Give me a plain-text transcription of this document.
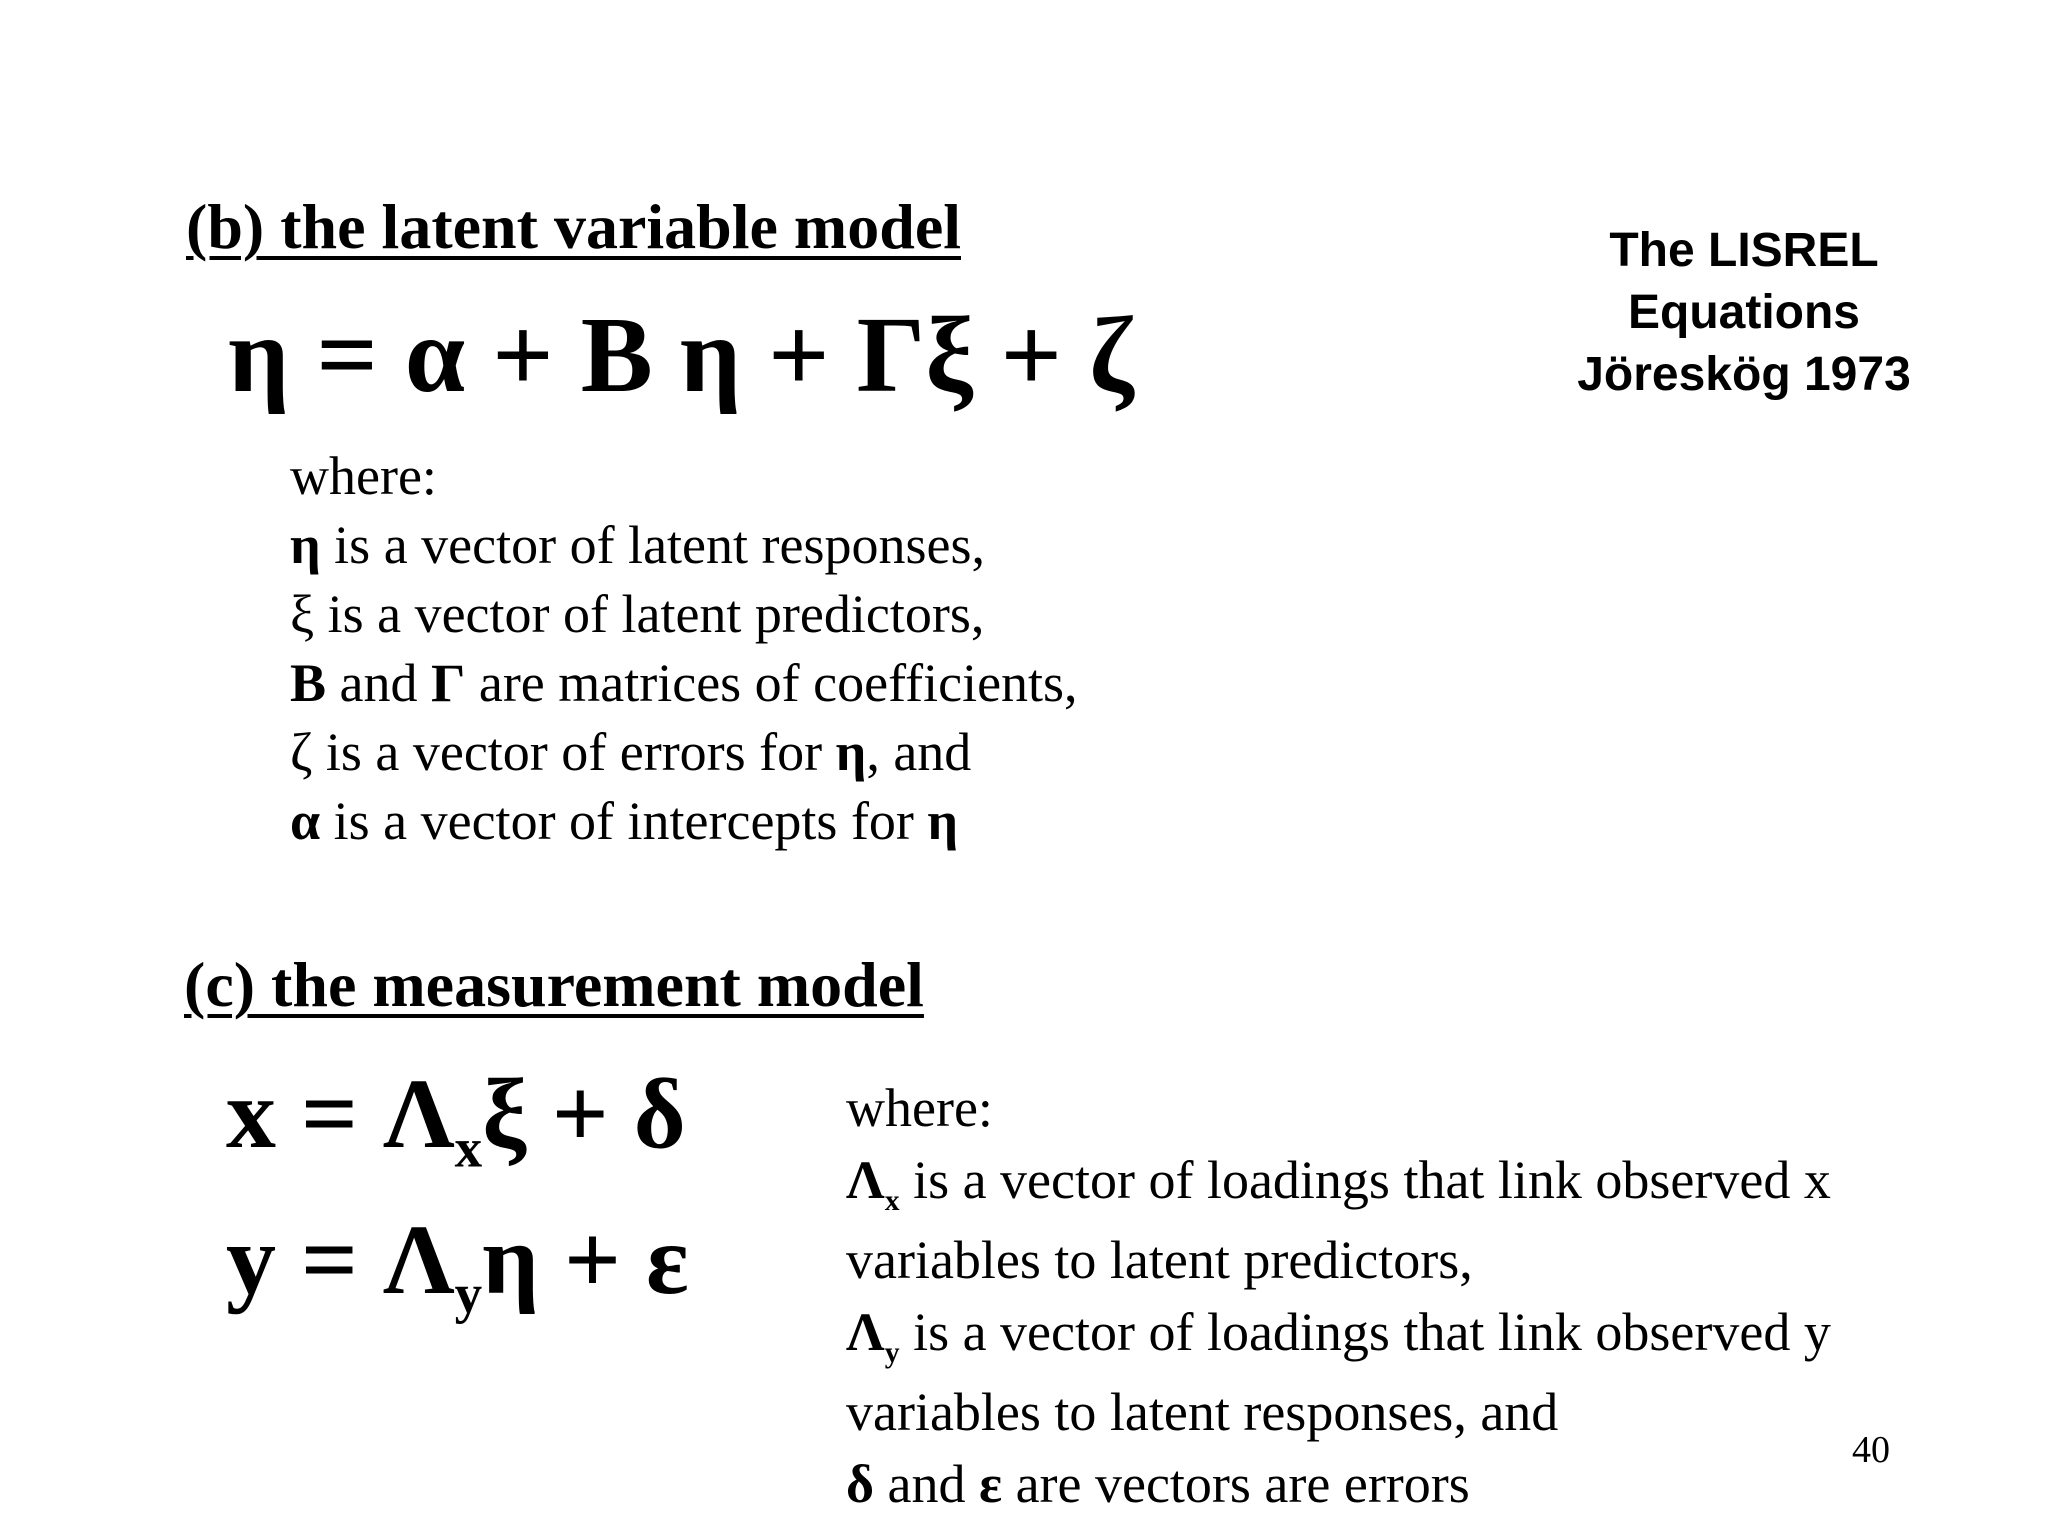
(b) the latent variable model
η = α + B η + Γξ + ζ
The LISREL
Equations
Jöreskög 1973
where:
η is a vector of latent responses,
ξ is a vector of latent predictors,
B and Γ are matrices of coefficients,
ζ is a vector of errors for η, and
α is a vector of intercepts for η
(c) the measurement model
$x = \Lambda_x\xi + \delta$
$y = \Lambda_y\eta + \varepsilon$
where:
$\Lambda_x$ is a vector of loadings that link observed x
variables to latent predictors,
$\Lambda_y$ is a vector of loadings that link observed y
variables to latent responses, and
δ and ε are vectors are errors
40
